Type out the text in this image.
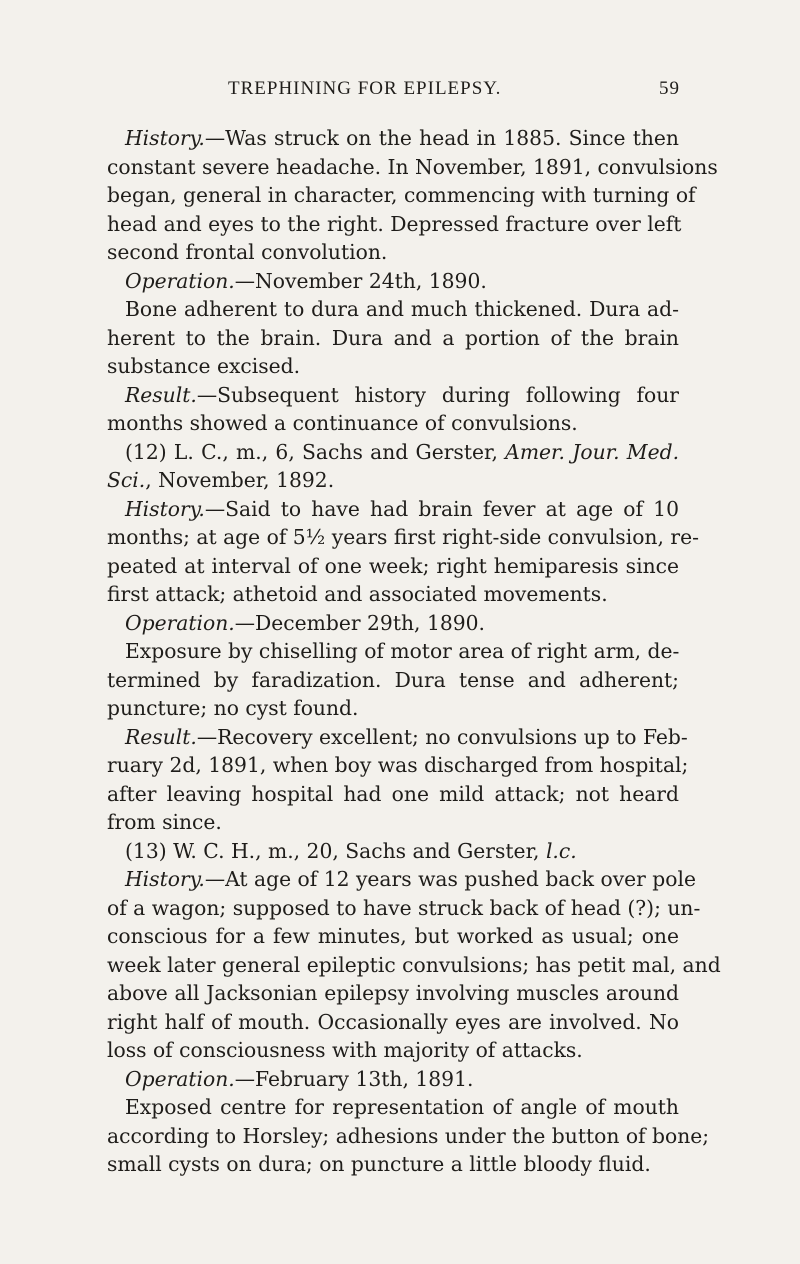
TREPHINING FOR EPILEPSY.	59
History.—Was struck on the head in 1885. Since then
constant severe headache. In November, 1891, convulsions
began, general in character, commencing with turning of
head and eyes to the right. Depressed fracture over left
second frontal convolution.
Operation.—November 24th, 1890.
Bone adherent to dura and much thickened. Dura ad-
herent to the brain. Dura and a portion of the brain
substance excised.
Result.—Subsequent history during following four
months showed a continuance of convulsions.
(12) L. C., m., 6, Sachs and Gerster, Amer. Jour. Med.
Sci., November, 1892.
History.—Said to have had brain fever at age of 10
months; at age of 5½ years first right-side convulsion, re-
peated at interval of one week; right hemiparesis since
first attack; athetoid and associated movements.
Operation.—December 29th, 1890.
Exposure by chiselling of motor area of right arm, de-
termined by faradization. Dura tense and adherent;
puncture; no cyst found.
Result.—Recovery excellent; no convulsions up to Feb-
ruary 2d, 1891, when boy was discharged from hospital;
after leaving hospital had one mild attack; not heard
from since.
(13) W. C. H., m., 20, Sachs and Gerster, l.c.
History.—At age of 12 years was pushed back over pole
of a wagon; supposed to have struck back of head (?); un-
conscious for a few minutes, but worked as usual; one
week later general epileptic convulsions; has petit mal, and
above all Jacksonian epilepsy involving muscles around
right half of mouth. Occasionally eyes are involved. No
loss of consciousness with majority of attacks.
Operation.—February 13th, 1891.
Exposed centre for representation of angle of mouth
according to Horsley; adhesions under the button of bone;
small cysts on dura; on puncture a little bloody fluid.
